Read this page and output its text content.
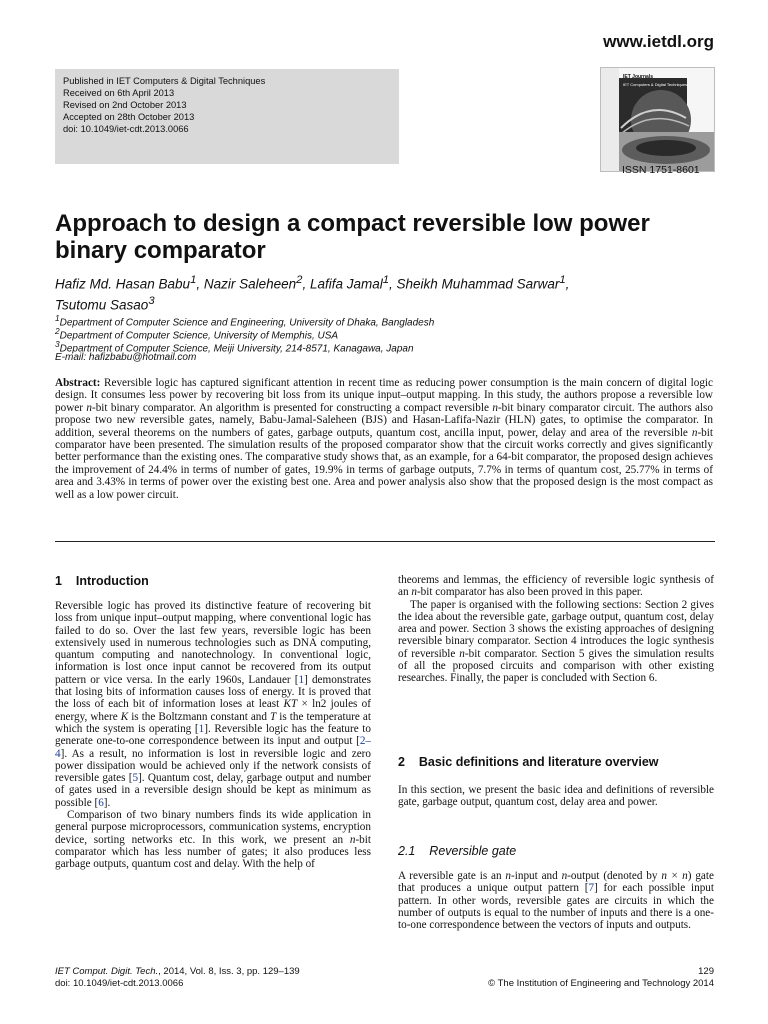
www.ietdl.org
Published in IET Computers & Digital Techniques
Received on 6th April 2013
Revised on 2nd October 2013
Accepted on 28th October 2013
doi: 10.1049/iet-cdt.2013.0066
IET Journals
IET Computers & Digital Techniques
ISSN 1751-8601
Approach to design a compact reversible low power
binary comparator
Hafiz Md. Hasan Babu$^1$, Nazir Saleheen$^2$, Lafifa Jamal$^1$, Sheikh Muhammad Sarwar$^1$,
Tsutomu Sasao$^3$
$^1$Department of Computer Science and Engineering, University of Dhaka, Bangladesh
$^2$Department of Computer Science, University of Memphis, USA
$^3$Department of Computer Science, Meiji University, 214-8571, Kanagawa, Japan
E-mail: hafizbabu@hotmail.com

Abstract: Reversible logic has captured significant attention in recent time as reducing power consumption is the main concern of digital logic design. It consumes less power by recovering bit loss from its unique input–output mapping. In this study, the authors propose a reversible low power n-bit binary comparator. An algorithm is presented for constructing a compact reversible n-bit binary comparator circuit. The authors also propose two new reversible gates, namely, Babu-Jamal-Saleheen (BJS) and Hasan-Lafifa-Nazir (HLN) gates, to optimise the comparator. In addition, several theorems on the numbers of gates, garbage outputs, quantum cost, ancilla input, power, delay and area of the reversible n-bit comparator have been presented. The simulation results of the proposed comparator show that the circuit works correctly and gives significantly better performance than the existing ones. The comparative study shows that, as an example, for a 64-bit comparator, the proposed design achieves the improvement of 24.4% in terms of number of gates, 19.9% in terms of garbage outputs, 7.7% in terms of quantum cost, 25.77% in terms of area and 3.43% in terms of power over the existing best one. Area and power analysis also show that the proposed design is the most compact as well as a low power circuit.

1 Introduction

Reversible logic has proved its distinctive feature of recovering bit loss from unique input–output mapping, where conventional logic has failed to do so. Over the last few years, reversible logic has been extensively used in numerous technologies such as DNA computing, quantum computing and nanotechnology. In conventional logic, information is lost once input cannot be recovered from its output pattern or vice versa. In the early 1960s, Landauer [1] demonstrates that losing bits of information causes loss of energy. It is proved that the loss of each bit of information loses at least KT × ln2 joules of energy, where K is the Boltzmann constant and T is the temperature at which the system is operating [1]. Reversible logic has the feature to generate one-to-one correspondence between its input and output [2–4]. As a result, no information is lost in reversible logic and zero power dissipation would be achieved only if the network consists of reversible gates [5]. Quantum cost, delay, garbage output and number of gates used in a reversible design should be kept as minimum as possible [6].

Comparison of two binary numbers finds its wide application in general purpose microprocessors, communication systems, encryption device, sorting networks etc. In this work, we present an n-bit comparator which has less number of gates; it also produces less garbage outputs, quantum cost and delay. With the help of

theorems and lemmas, the efficiency of reversible logic synthesis of an n-bit comparator has also been proved in this paper.

The paper is organised with the following sections: Section 2 gives the idea about the reversible gate, garbage output, quantum cost, delay area and power. Section 3 shows the existing approaches of designing reversible binary comparator. Section 4 introduces the logic synthesis of reversible n-bit comparator. Section 5 gives the simulation results of all the proposed circuits and comparison with other existing researches. Finally, the paper is concluded with Section 6.

2 Basic definitions and literature overview

In this section, we present the basic idea and definitions of reversible gate, garbage output, quantum cost, delay area and power.

2.1 Reversible gate

A reversible gate is an n-input and n-output (denoted by n × n) gate that produces a unique output pattern [7] for each possible input pattern. In other words, reversible gates are circuits in which the number of outputs is equal to the number of inputs and there is a one-to-one correspondence between the vectors of inputs and outputs.

IET Comput. Digit. Tech., 2014, Vol. 8, Iss. 3, pp. 129–139
doi: 10.1049/iet-cdt.2013.0066
129
© The Institution of Engineering and Technology 2014
